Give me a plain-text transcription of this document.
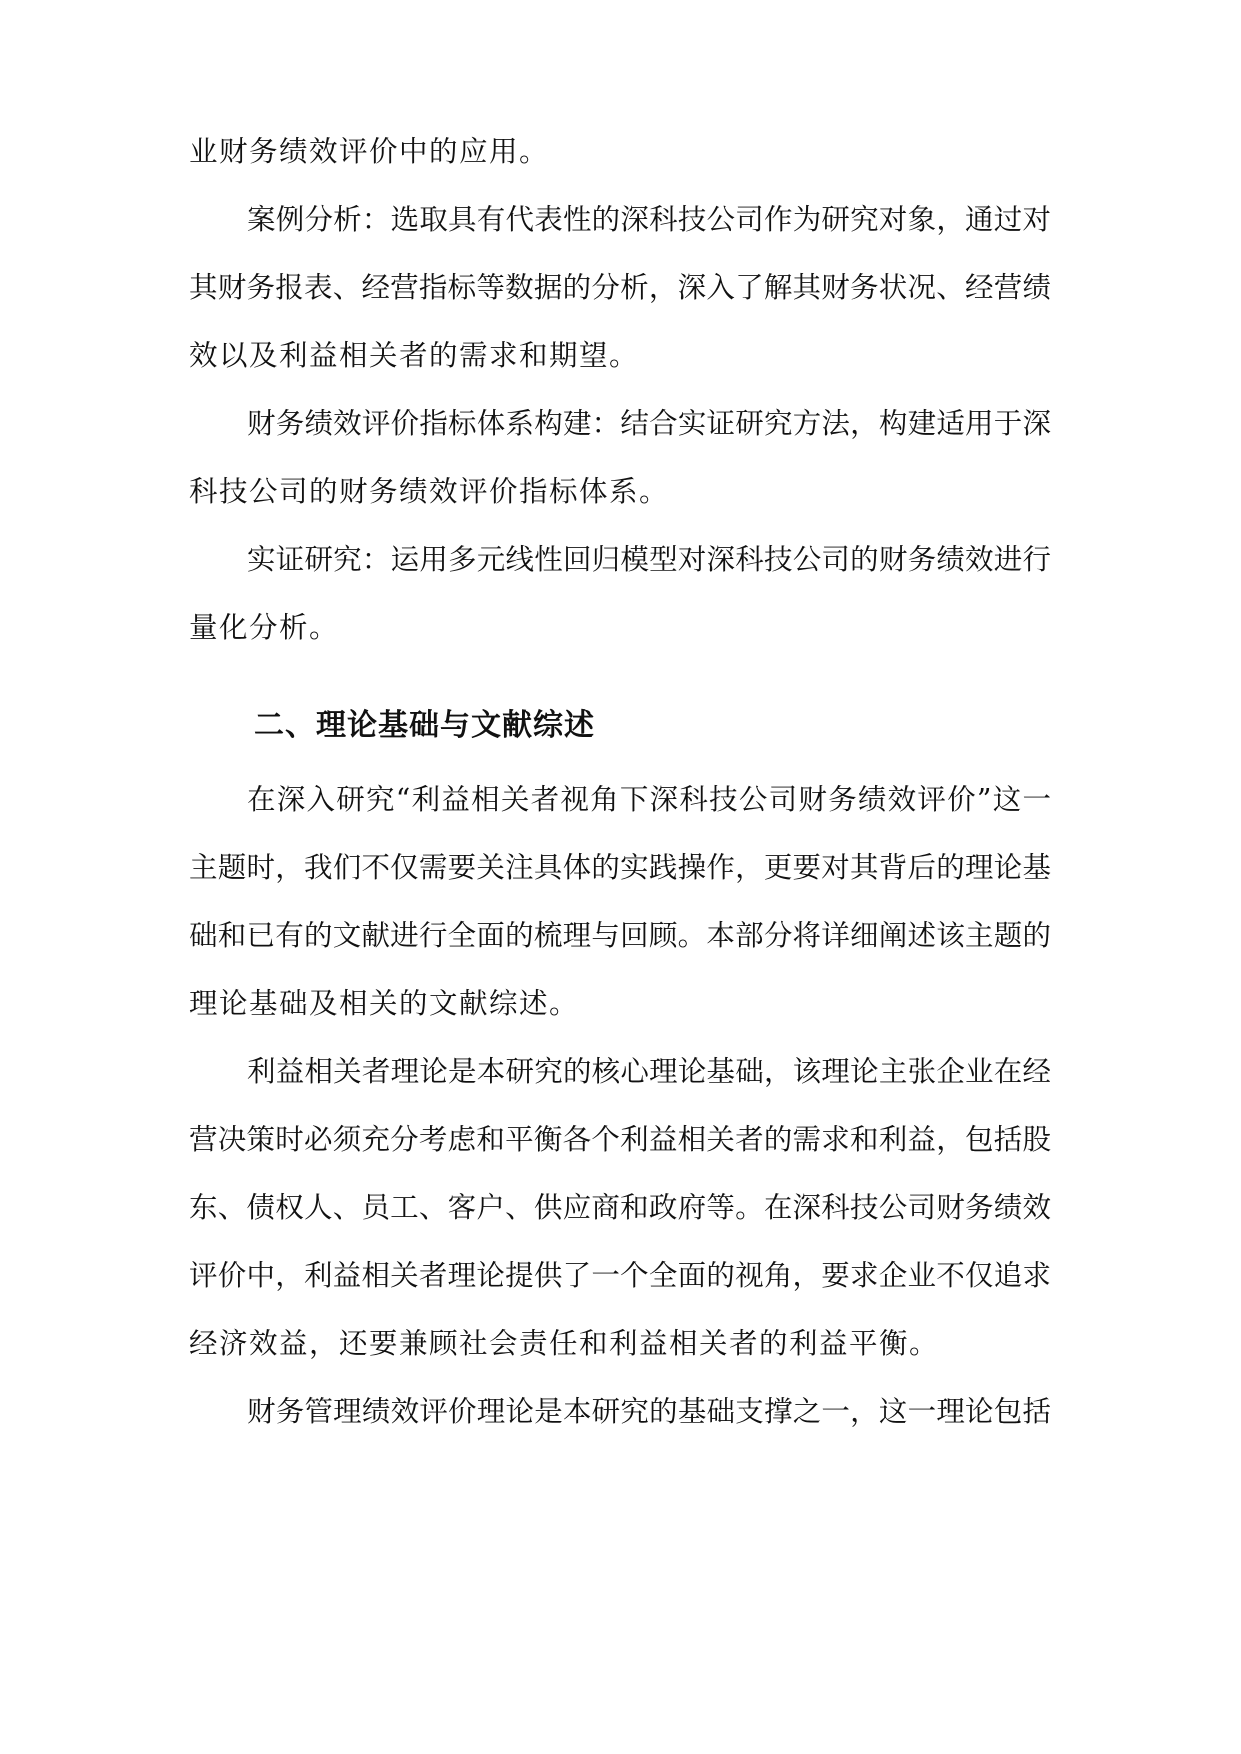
业财务绩效评价中的应用。
案例分析：选取具有代表性的深科技公司作为研究对象，通过对
其财务报表、经营指标等数据的分析，深入了解其财务状况、经营绩
效以及利益相关者的需求和期望。
财务绩效评价指标体系构建：结合实证研究方法，构建适用于深
科技公司的财务绩效评价指标体系。
实证研究：运用多元线性回归模型对深科技公司的财务绩效进行
量化分析。
二、理论基础与文献综述
在深入研究“利益相关者视角下深科技公司财务绩效评价”这一
主题时，我们不仅需要关注具体的实践操作，更要对其背后的理论基
础和已有的文献进行全面的梳理与回顾。本部分将详细阐述该主题的
理论基础及相关的文献综述。
利益相关者理论是本研究的核心理论基础，该理论主张企业在经
营决策时必须充分考虑和平衡各个利益相关者的需求和利益，包括股
东、债权人、员工、客户、供应商和政府等。在深科技公司财务绩效
评价中，利益相关者理论提供了一个全面的视角，要求企业不仅追求
经济效益，还要兼顾社会责任和利益相关者的利益平衡。
财务管理绩效评价理论是本研究的基础支撑之一，这一理论包括
